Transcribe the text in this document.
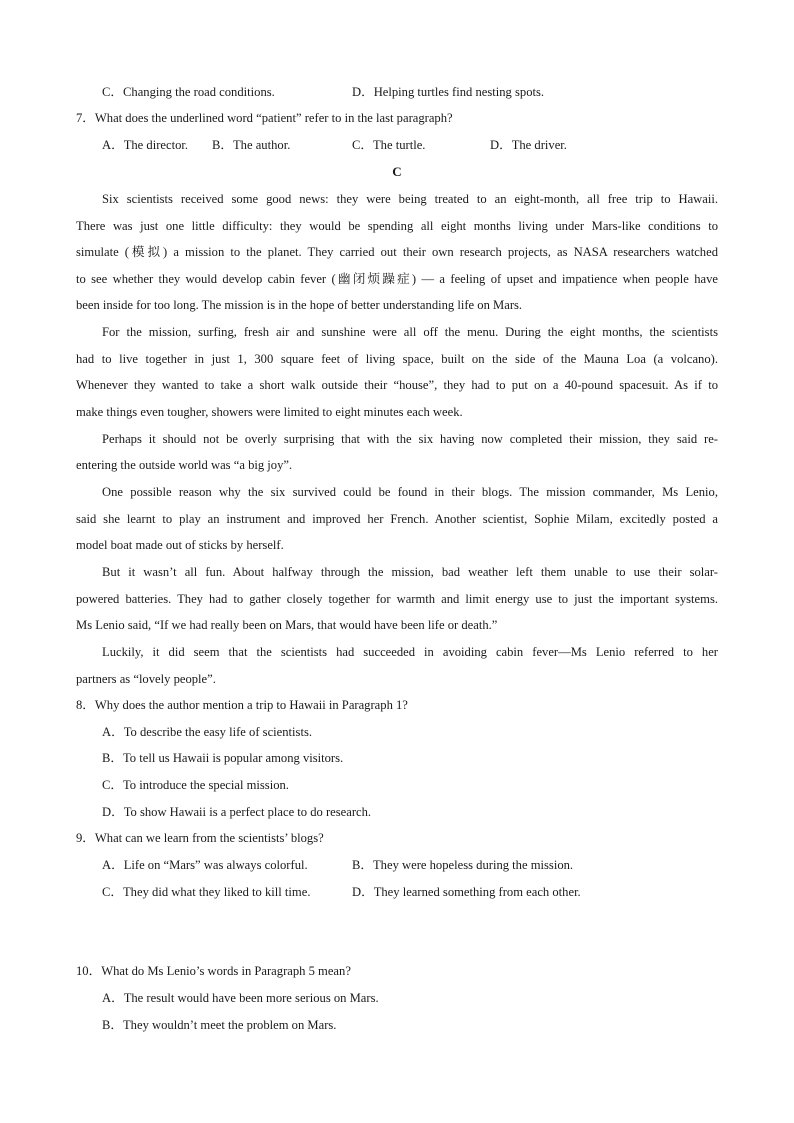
C．Changing the road conditions.	D．Helping turtles find nesting spots.
7．What does the underlined word “patient” refer to in the last paragraph?
A．The director. B．The author.	C．The turtle.	D．The driver.
C
Six scientists received some good news: they were being treated to an eight-month, all free trip to Hawaii.
There was just one little difficulty: they would be spending all eight months living under Mars-like conditions to
simulate (模拟) a mission to the planet. They carried out their own research projects, as NASA researchers watched
to see whether they would develop cabin fever (幽闭烦躁症) — a feeling of upset and impatience when people have
been inside for too long. The mission is in the hope of better understanding life on Mars.
For the mission, surfing, fresh air and sunshine were all off the menu. During the eight months, the scientists
had to live together in just 1, 300 square feet of living space, built on the side of the Mauna Loa (a volcano).
Whenever they wanted to take a short walk outside their “house”, they had to put on a 40-pound spacesuit. As if to
make things even tougher, showers were limited to eight minutes each week.
Perhaps it should not be overly surprising that with the six having now completed their mission, they said re-
entering the outside world was “a big joy”.
One possible reason why the six survived could be found in their blogs. The mission commander, Ms Lenio,
said she learnt to play an instrument and improved her French. Another scientist, Sophie Milam, excitedly posted a
model boat made out of sticks by herself.
But it wasn’t all fun. About halfway through the mission, bad weather left them unable to use their solar-
powered batteries. They had to gather closely together for warmth and limit energy use to just the important systems.
Ms Lenio said, “If we had really been on Mars, that would have been life or death.”
Luckily, it did seem that the scientists had succeeded in avoiding cabin fever—Ms Lenio referred to her
partners as “lovely people”.
8．Why does the author mention a trip to Hawaii in Paragraph 1?
A．To describe the easy life of scientists.
B．To tell us Hawaii is popular among visitors.
C．To introduce the special mission.
D．To show Hawaii is a perfect place to do research.
9．What can we learn from the scientists’ blogs?
A．Life on “Mars” was always colorful.	B．They were hopeless during the mission.
C．They did what they liked to kill time.	D．They learned something from each other.
10．What do Ms Lenio’s words in Paragraph 5 mean?
A．The result would have been more serious on Mars.
B．They wouldn’t meet the problem on Mars.
